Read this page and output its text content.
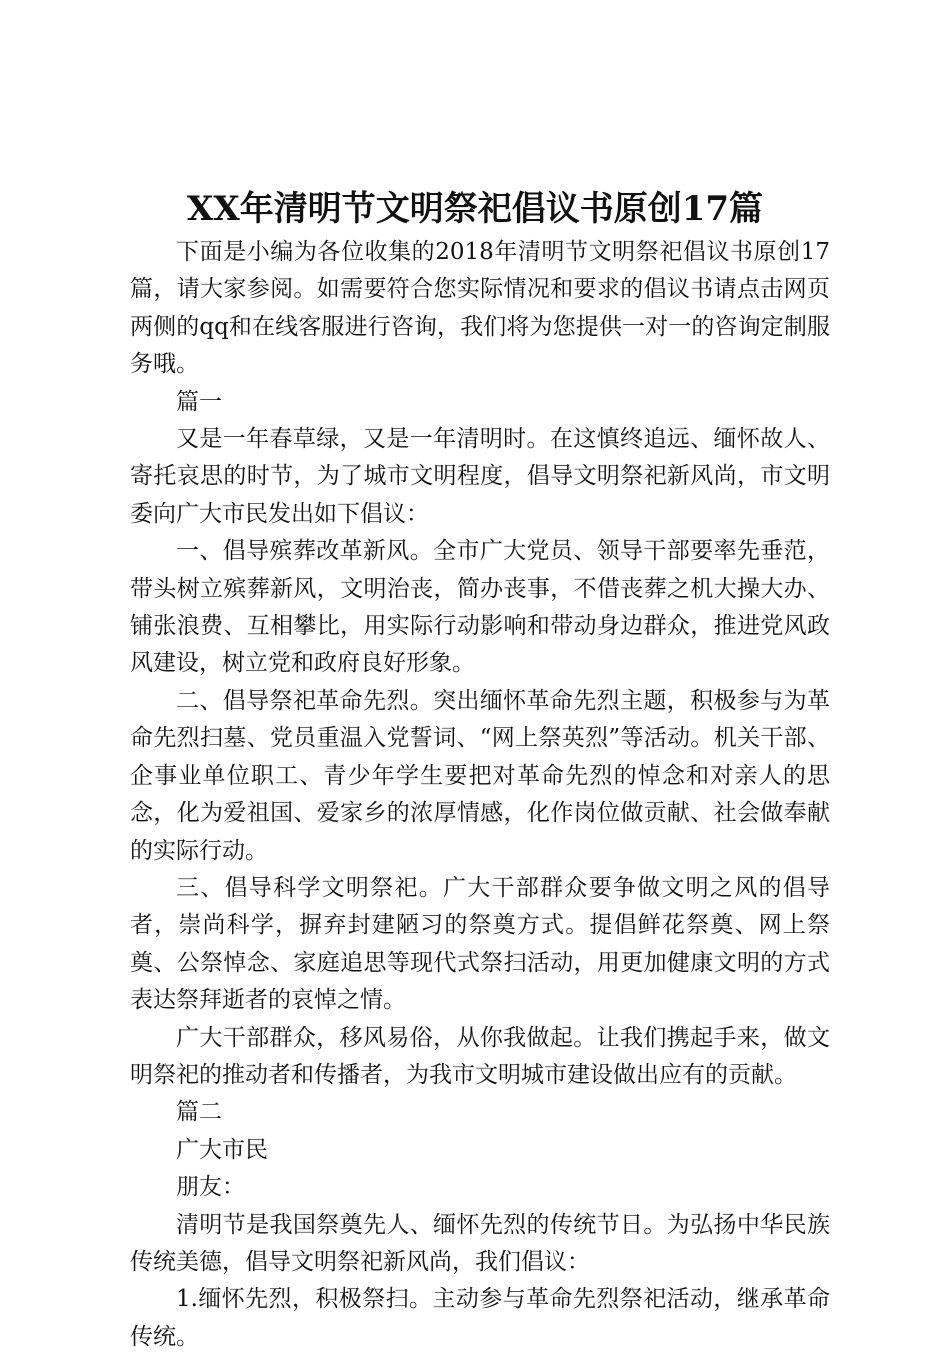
XX年清明节文明祭祀倡议书原创17篇

下面是小编为各位收集的2018年清明节文明祭祀倡议书原创17篇，请大家参阅。如需要符合您实际情况和要求的倡议书请点击网页两侧的qq和在线客服进行咨询，我们将为您提供一对一的咨询定制服务哦。

篇一

又是一年春草绿，又是一年清明时。在这慎终追远、缅怀故人、寄托哀思的时节，为了城市文明程度，倡导文明祭祀新风尚，市文明委向广大市民发出如下倡议：

一、倡导殡葬改革新风。全市广大党员、领导干部要率先垂范，带头树立殡葬新风，文明治丧，简办丧事，不借丧葬之机大操大办、铺张浪费、互相攀比，用实际行动影响和带动身边群众，推进党风政风建设，树立党和政府良好形象。

二、倡导祭祀革命先烈。突出缅怀革命先烈主题，积极参与为革命先烈扫墓、党员重温入党誓词、“网上祭英烈”等活动。机关干部、企事业单位职工、青少年学生要把对革命先烈的悼念和对亲人的思念，化为爱祖国、爱家乡的浓厚情感，化作岗位做贡献、社会做奉献的实际行动。

三、倡导科学文明祭祀。广大干部群众要争做文明之风的倡导者，崇尚科学，摒弃封建陋习的祭奠方式。提倡鲜花祭奠、网上祭奠、公祭悼念、家庭追思等现代式祭扫活动，用更加健康文明的方式表达祭拜逝者的哀悼之情。

广大干部群众，移风易俗，从你我做起。让我们携起手来，做文明祭祀的推动者和传播者，为我市文明城市建设做出应有的贡献。

篇二

广大市民

朋友：

清明节是我国祭奠先人、缅怀先烈的传统节日。为弘扬中华民族传统美德，倡导文明祭祀新风尚，我们倡议：

1.缅怀先烈，积极祭扫。主动参与革命先烈祭祀活动，继承革命传统。
